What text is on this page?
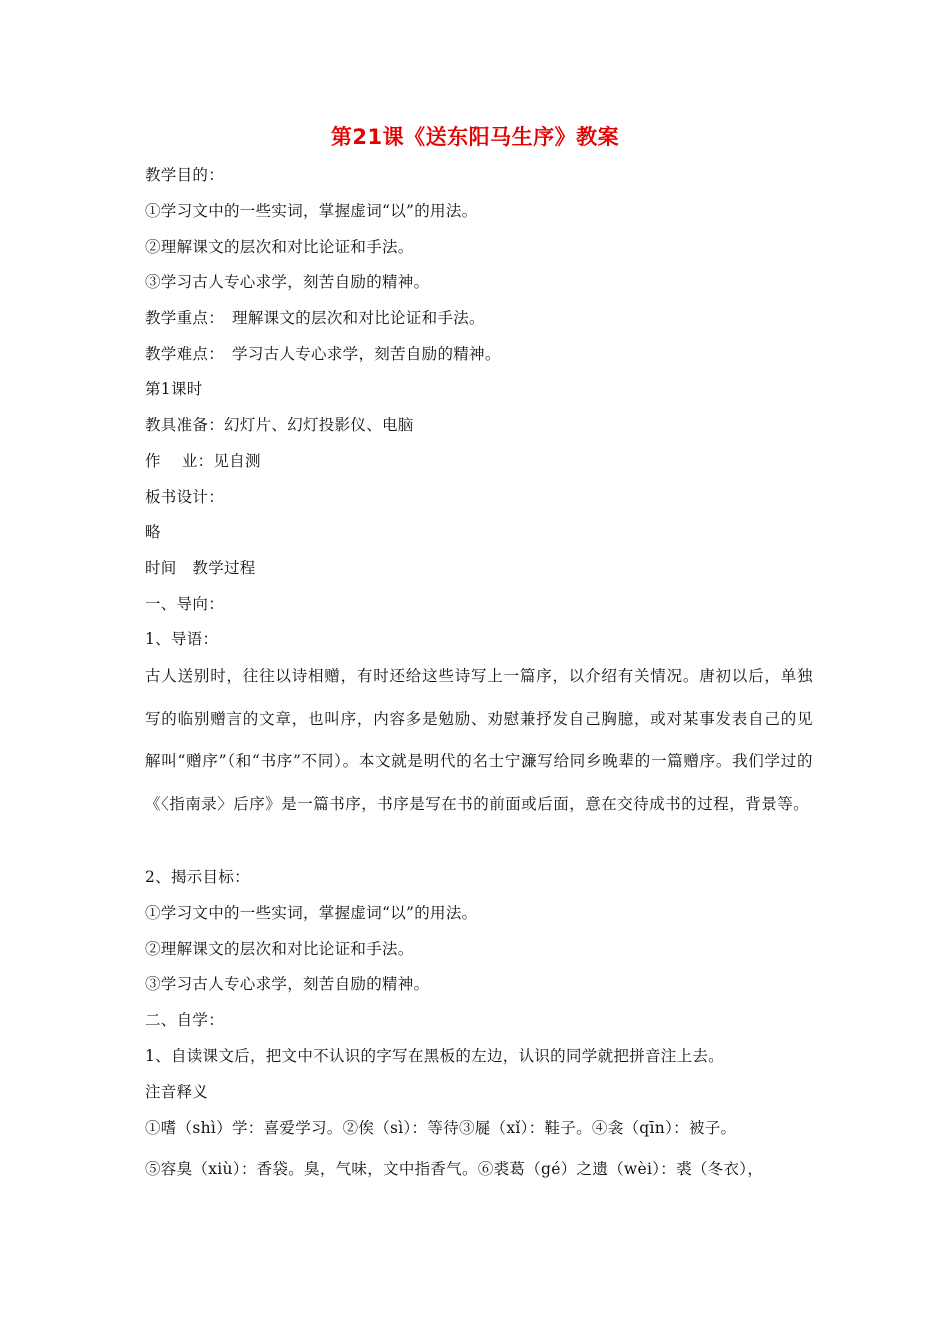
第21课《送东阳马生序》教案
教学目的：
①学习文中的一些实词，掌握虚词“以”的用法。
②理解课文的层次和对比论证和手法。
③学习古人专心求学，刻苦自励的精神。
教学重点：　理解课文的层次和对比论证和手法。
教学难点：　学习古人专心求学，刻苦自励的精神。
第1课时
教具准备：幻灯片、幻灯投影仪、电脑
作　 业：见自测
板书设计：
略
时间　教学过程
一、导向：
1、导语：
古人送别时，往往以诗相赠，有时还给这些诗写上一篇序，以介绍有关情况。唐初以后，单独写的临别赠言的文章，也叫序，内容多是勉励、劝慰兼抒发自己胸臆，或对某事发表自己的见解叫“赠序”（和“书序”不同）。本文就是明代的名士宁濂写给同乡晚辈的一篇赠序。我们学过的《〈指南录〉后序》是一篇书序，书序是写在书的前面或后面，意在交待成书的过程，背景等。
2、揭示目标：
①学习文中的一些实词，掌握虚词“以”的用法。
②理解课文的层次和对比论证和手法。
③学习古人专心求学，刻苦自励的精神。
二、自学：
1、自读课文后，把文中不认识的字写在黑板的左边，认识的同学就把拼音注上去。
注音释义
①嗜（shì）学：喜爱学习。②俟（sì）：等待③屣（xǐ）：鞋子。④衾（qīn）：被子。
⑤容臭（xiù）：香袋。臭，气味，文中指香气。⑥裘葛（gé）之遗（wèi）：裘（冬衣），
